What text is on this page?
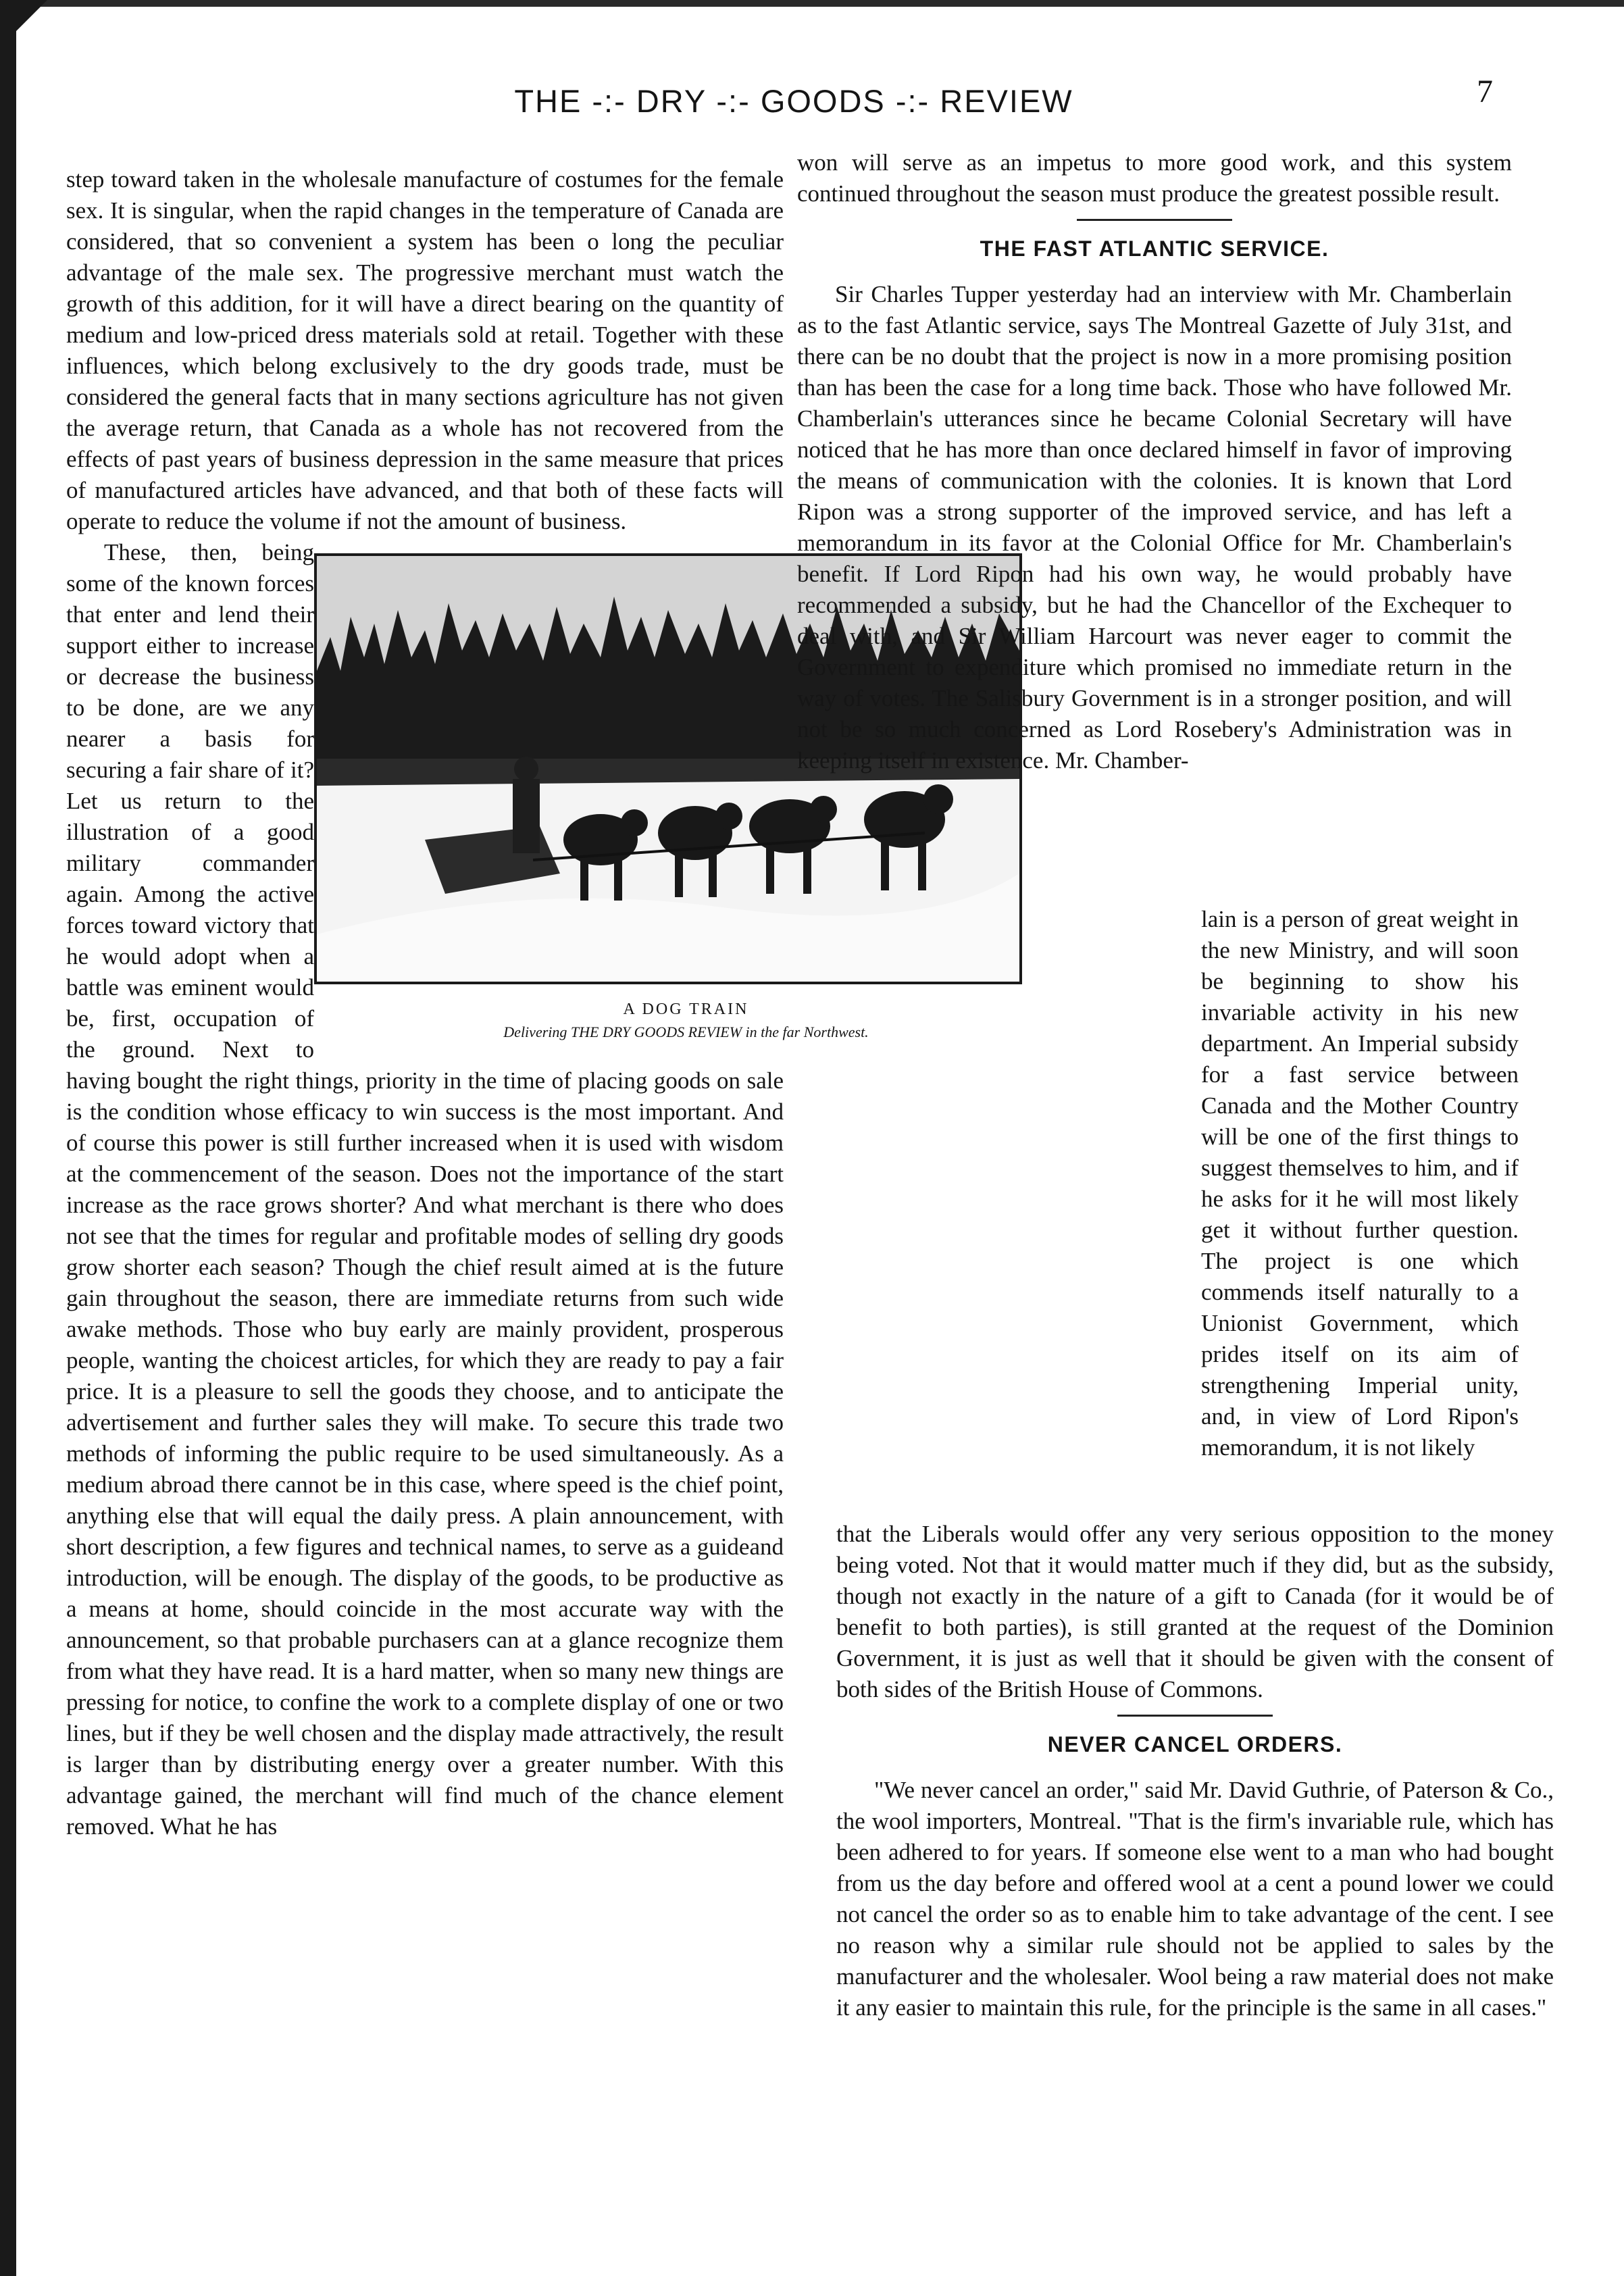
THE -:- DRY -:- GOODS -:- REVIEW	7

step toward taken in the wholesale manufacture of costumes for the female sex. It is singular, when the rapid changes in the temperature of Canada are considered, that so convenient a system has been o long the peculiar advantage of the male sex. The progressive merchant must watch the growth of this addition, for it will have a direct bearing on the quantity of medium and low-priced dress materials sold at retail. Together with these influences, which belong exclusively to the dry goods trade, must be considered the general facts that in many sections agriculture has not given the average return, that Canada as a whole has not recovered from the effects of past years of business depression in the same measure that prices of manufactured articles have advanced, and that both of these facts will operate to reduce the volume if not the amount of business.

A DOG TRAIN
Delivering THE DRY GOODS REVIEW in the far Northwest.
These, then, being some of the known forces that enter and lend their support either to increase or decrease the business to be done, are we any nearer a basis for securing a fair share of it? Let us return to the illustration of a good military commander again. Among the active forces toward victory that he would adopt when a battle was eminent would be, first, occupation of the ground. Next to having bought the right things, priority in the time of placing goods on sale is the condition whose efficacy to win success is the most important. And of course this power is still further increased when it is used with wisdom at the commencement of the season. Does not the importance of the start increase as the race grows shorter? And what merchant is there who does not see that the times for regular and profitable modes of selling dry goods grow shorter each season? Though the chief result aimed at is the future gain throughout the season, there are immediate returns from such wide awake methods. Those who buy early are mainly provident, prosperous people, wanting the choicest articles, for which they are ready to pay a fair price. It is a pleasure to sell the goods they choose, and to anticipate the advertisement and further sales they will make. To secure this trade two methods of informing the public require to be used simultaneously. As a medium abroad there cannot be in this case, where speed is the chief point, anything else that will equal the daily press. A plain announcement, with short description, a few figures and technical names, to serve as a guideand introduction, will be enough. The display of the goods, to be productive as a means at home, should coincide in the most accurate way with the announcement, so that probable purchasers can at a glance recognize them from what they have read. It is a hard matter, when so many new things are pressing for notice, to confine the work to a complete display of one or two lines, but if they be well chosen and the display made attractively, the result is larger than by distributing energy over a greater number. With this advantage gained, the merchant will find much of the chance element removed. What he has

won will serve as an impetus to more good work, and this system continued throughout the season must produce the greatest possible result.

THE FAST ATLANTIC SERVICE.

Sir Charles Tupper yesterday had an interview with Mr. Chamberlain as to the fast Atlantic service, says The Montreal Gazette of July 31st, and there can be no doubt that the project is now in a more promising position than has been the case for a long time back. Those who have followed Mr. Chamberlain's utterances since he became Colonial Secretary will have noticed that he has more than once declared himself in favor of improving the means of communication with the colonies. It is known that Lord Ripon was a strong supporter of the improved service, and has left a memorandum in its favor at the Colonial Office for Mr. Chamberlain's benefit. If Lord Ripon had his own way, he would probably have recommended a subsidy, but he had the Chancellor of the Exchequer to deal with, and Sir William Harcourt was never eager to commit the Government to expenditure which promised no immediate return in the way of votes. The Salisbury Government is in a stronger position, and will not be so much concerned as Lord Rosebery's Administration was in keeping itself in existence. Mr. Chamber-

lain is a person of great weight in the new Ministry, and will soon be beginning to show his invariable activity in his new department. An Imperial subsidy for a fast service between Canada and the Mother Country will be one of the first things to suggest themselves to him, and if he asks for it he will most likely get it without further question. The project is one which commends itself naturally to a Unionist Government, which prides itself on its aim of strengthening Imperial unity, and, in view of Lord Ripon's memorandum, it is not likely

that the Liberals would offer any very serious opposition to the money being voted. Not that it would matter much if they did, but as the subsidy, though not exactly in the nature of a gift to Canada (for it would be of benefit to both parties), is still granted at the request of the Dominion Government, it is just as well that it should be given with the consent of both sides of the British House of Commons.

NEVER CANCEL ORDERS.

"We never cancel an order," said Mr. David Guthrie, of Paterson & Co., the wool importers, Montreal. "That is the firm's invariable rule, which has been adhered to for years. If someone else went to a man who had bought from us the day before and offered wool at a cent a pound lower we could not cancel the order so as to enable him to take advantage of the cent. I see no reason why a similar rule should not be applied to sales by the manufacturer and the wholesaler. Wool being a raw material does not make it any easier to maintain this rule, for the principle is the same in all cases."
